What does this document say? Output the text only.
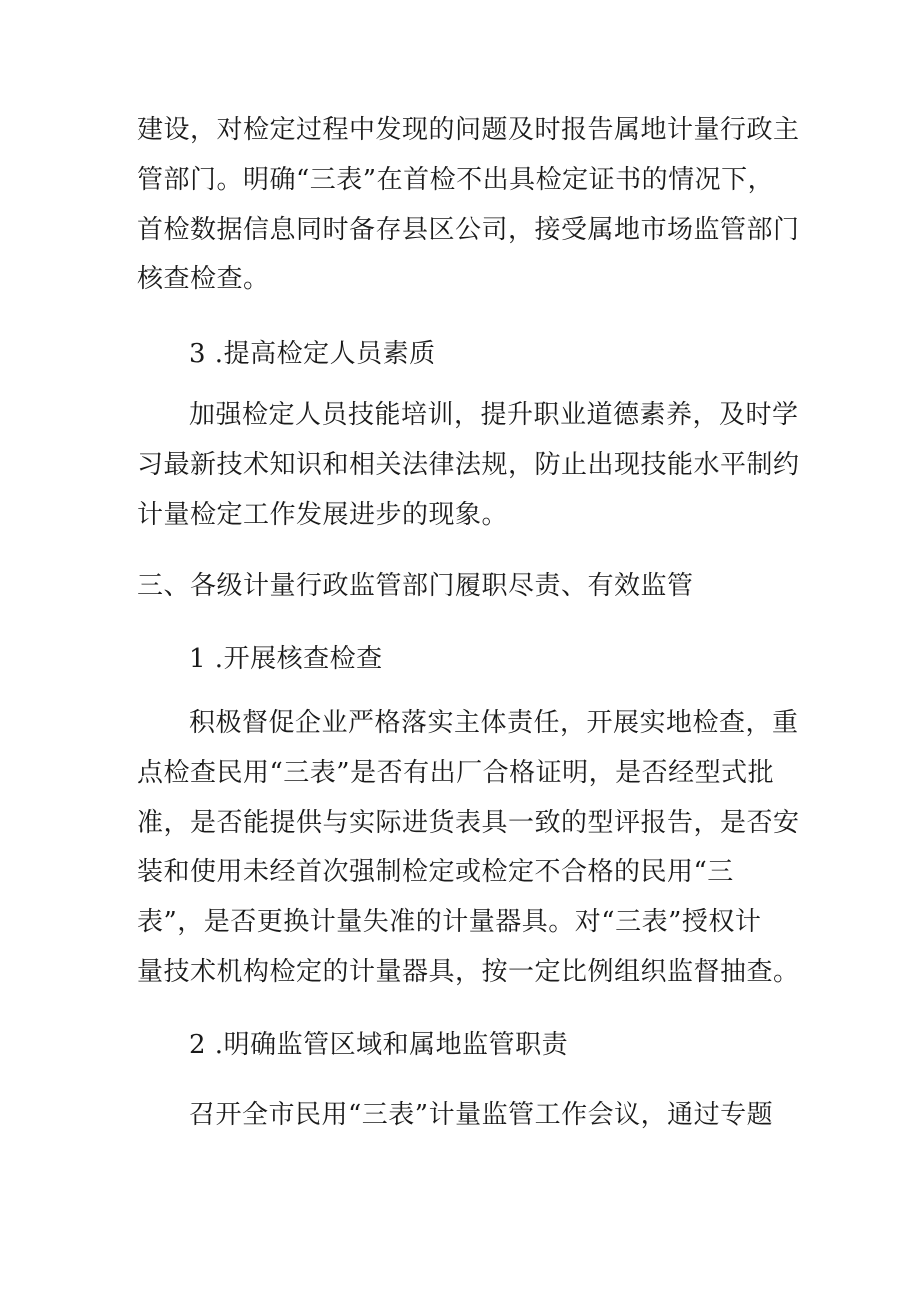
建设，对检定过程中发现的问题及时报告属地计量行政主
管部门。明确“三表”在首检不出具检定证书的情况下，
首检数据信息同时备存县区公司，接受属地市场监管部门
核查检查。
3 .提高检定人员素质
加强检定人员技能培训，提升职业道德素养，及时学
习最新技术知识和相关法律法规，防止出现技能水平制约
计量检定工作发展进步的现象。
三、各级计量行政监管部门履职尽责、有效监管
1 .开展核查检查
积极督促企业严格落实主体责任，开展实地检查，重
点检查民用“三表”是否有出厂合格证明，是否经型式批
准，是否能提供与实际进货表具一致的型评报告，是否安
装和使用未经首次强制检定或检定不合格的民用“三
表”，是否更换计量失准的计量器具。对“三表”授权计
量技术机构检定的计量器具，按一定比例组织监督抽查。
2 .明确监管区域和属地监管职责
召开全市民用“三表”计量监管工作会议，通过专题
